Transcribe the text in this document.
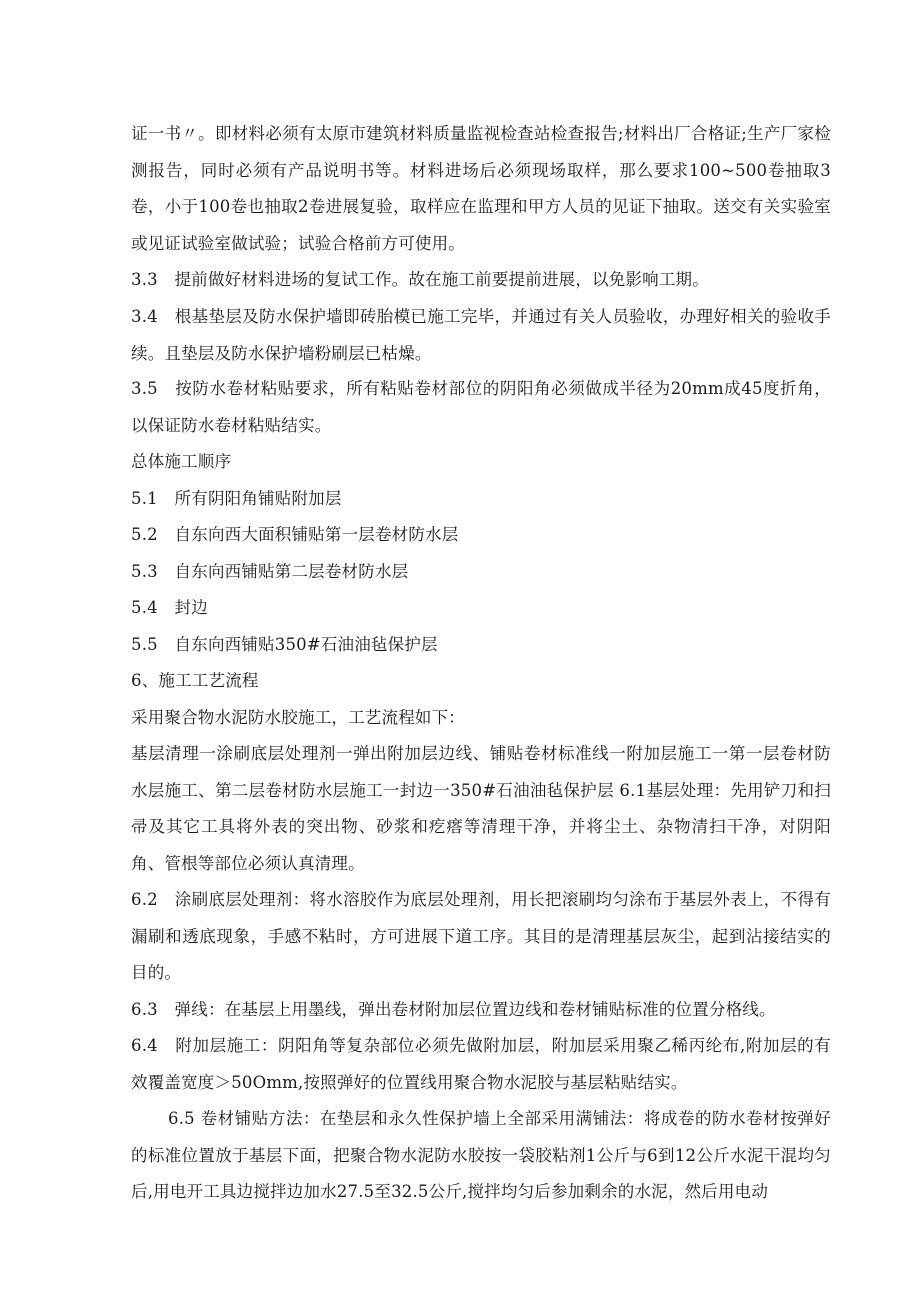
证一书〃。即材料必须有太原市建筑材料质量监视检查站检查报告;材料出厂合格证;生产厂家检测报告，同时必须有产品说明书等。材料进场后必须现场取样，那么要求100~500卷抽取3卷，小于100卷也抽取2卷进展复验，取样应在监理和甲方人员的见证下抽取。送交有关实验室或见证试验室做试验；试验合格前方可使用。

3.3　提前做好材料进场的复试工作。故在施工前要提前进展，以免影响工期。

3.4　根基垫层及防水保护墙即砖胎模已施工完毕，并通过有关人员验收，办理好相关的验收手续。且垫层及防水保护墙粉刷层已枯燥。

3.5　按防水卷材粘贴要求，所有粘贴卷材部位的阴阳角必须做成半径为20mm成45度折角，以保证防水卷材粘贴结实。

总体施工顺序

5.1　所有阴阳角铺贴附加层

5.2　自东向西大面积铺贴第一层卷材防水层

5.3　自东向西铺贴第二层卷材防水层

5.4　封边

5.5　自东向西铺贴350#石油油毡保护层

6、施工工艺流程

采用聚合物水泥防水胶施工，工艺流程如下：

基层清理一涂刷底层处理剂一弹出附加层边线、铺贴卷材标准线一附加层施工一第一层卷材防水层施工、第二层卷材防水层施工一封边一350#石油油毡保护层 6.1基层处理：先用铲刀和扫帚及其它工具将外表的突出物、砂浆和疙瘩等清理干净，并将尘土、杂物清扫干净，对阴阳角、管根等部位必须认真清理。

6.2　涂刷底层处理剂：将水溶胶作为底层处理剂，用长把滚刷均匀涂布于基层外表上，不得有漏刷和透底现象，手感不粘时，方可进展下道工序。其目的是清理基层灰尘，起到沾接结实的目的。

6.3　弹线：在基层上用墨线，弹出卷材附加层位置边线和卷材铺贴标准的位置分格线。

6.4　附加层施工：阴阳角等复杂部位必须先做附加层，附加层采用聚乙稀丙纶布,附加层的有效覆盖宽度＞50Omm,按照弹好的位置线用聚合物水泥胶与基层粘贴结实。

6.5 卷材铺贴方法：在垫层和永久性保护墙上全部采用满铺法：将成卷的防水卷材按弹好的标准位置放于基层下面，把聚合物水泥防水胶按一袋胶粘剂1公斤与6到12公斤水泥干混均匀后,用电开工具边搅拌边加水27.5至32.5公斤,搅拌均匀后参加剩余的水泥，然后用电动
